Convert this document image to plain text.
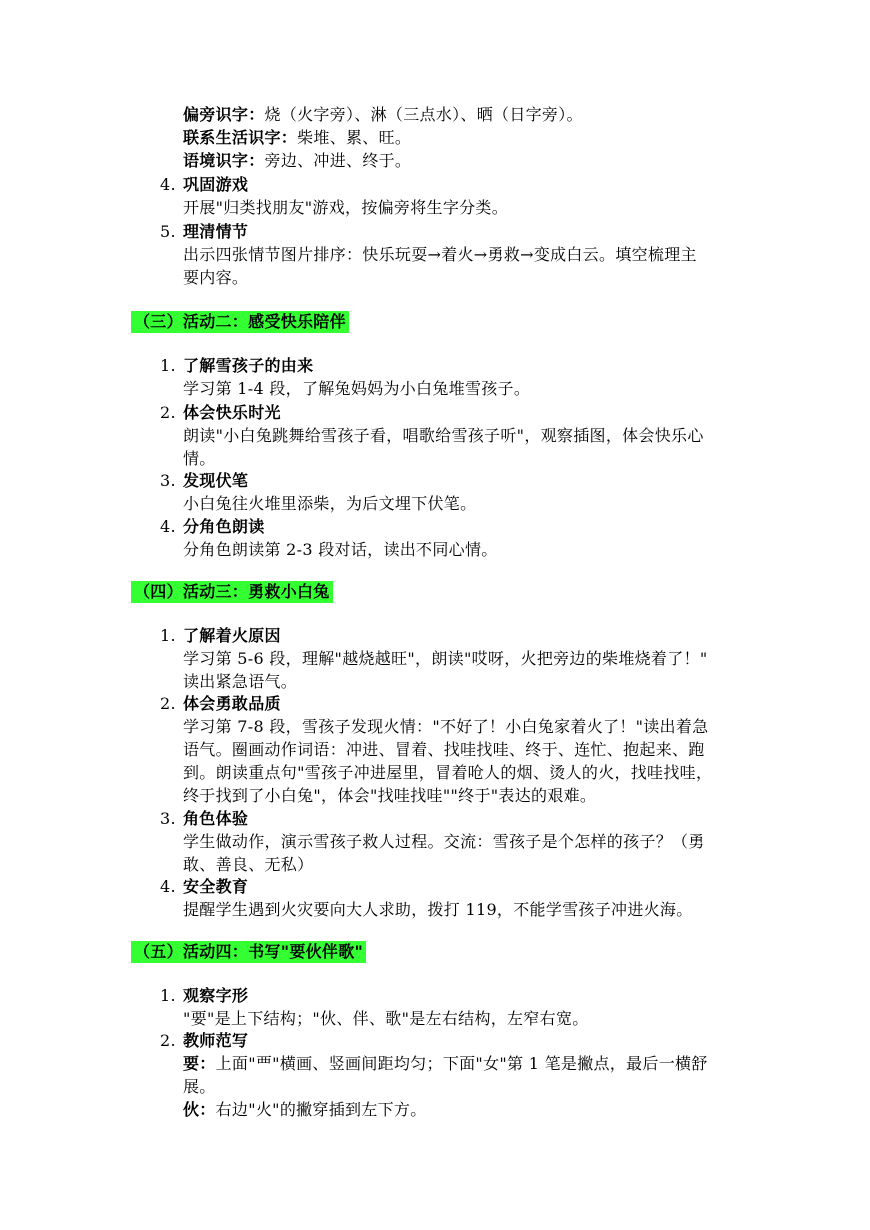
偏旁识字：烧（火字旁）、淋（三点水）、晒（日字旁）。
联系生活识字：柴堆、累、旺。
语境识字：旁边、冲进、终于。
4. 巩固游戏
开展"归类找朋友"游戏，按偏旁将生字分类。
5. 理清情节
出示四张情节图片排序：快乐玩耍→着火→勇救→变成白云。填空梳理主
要内容。
（三）活动二：感受快乐陪伴
1. 了解雪孩子的由来
学习第 1-4 段，了解兔妈妈为小白兔堆雪孩子。
2. 体会快乐时光
朗读"小白兔跳舞给雪孩子看，唱歌给雪孩子听"，观察插图，体会快乐心
情。
3. 发现伏笔
小白兔往火堆里添柴，为后文埋下伏笔。
4. 分角色朗读
分角色朗读第 2-3 段对话，读出不同心情。
（四）活动三：勇救小白兔
1. 了解着火原因
学习第 5-6 段，理解"越烧越旺"，朗读"哎呀，火把旁边的柴堆烧着了！"
读出紧急语气。
2. 体会勇敢品质
学习第 7-8 段，雪孩子发现火情："不好了！小白兔家着火了！"读出着急
语气。圈画动作词语：冲进、冒着、找哇找哇、终于、连忙、抱起来、跑
到。朗读重点句"雪孩子冲进屋里，冒着呛人的烟、烫人的火，找哇找哇，
终于找到了小白兔"，体会"找哇找哇""终于"表达的艰难。
3. 角色体验
学生做动作，演示雪孩子救人过程。交流：雪孩子是个怎样的孩子？（勇
敢、善良、无私）
4. 安全教育
提醒学生遇到火灾要向大人求助，拨打 119，不能学雪孩子冲进火海。
（五）活动四：书写"要伙伴歌"
1. 观察字形
"要"是上下结构；"伙、伴、歌"是左右结构，左窄右宽。
2. 教师范写
要：上面"覀"横画、竖画间距均匀；下面"女"第 1 笔是撇点，最后一横舒
展。
伙：右边"火"的撇穿插到左下方。
